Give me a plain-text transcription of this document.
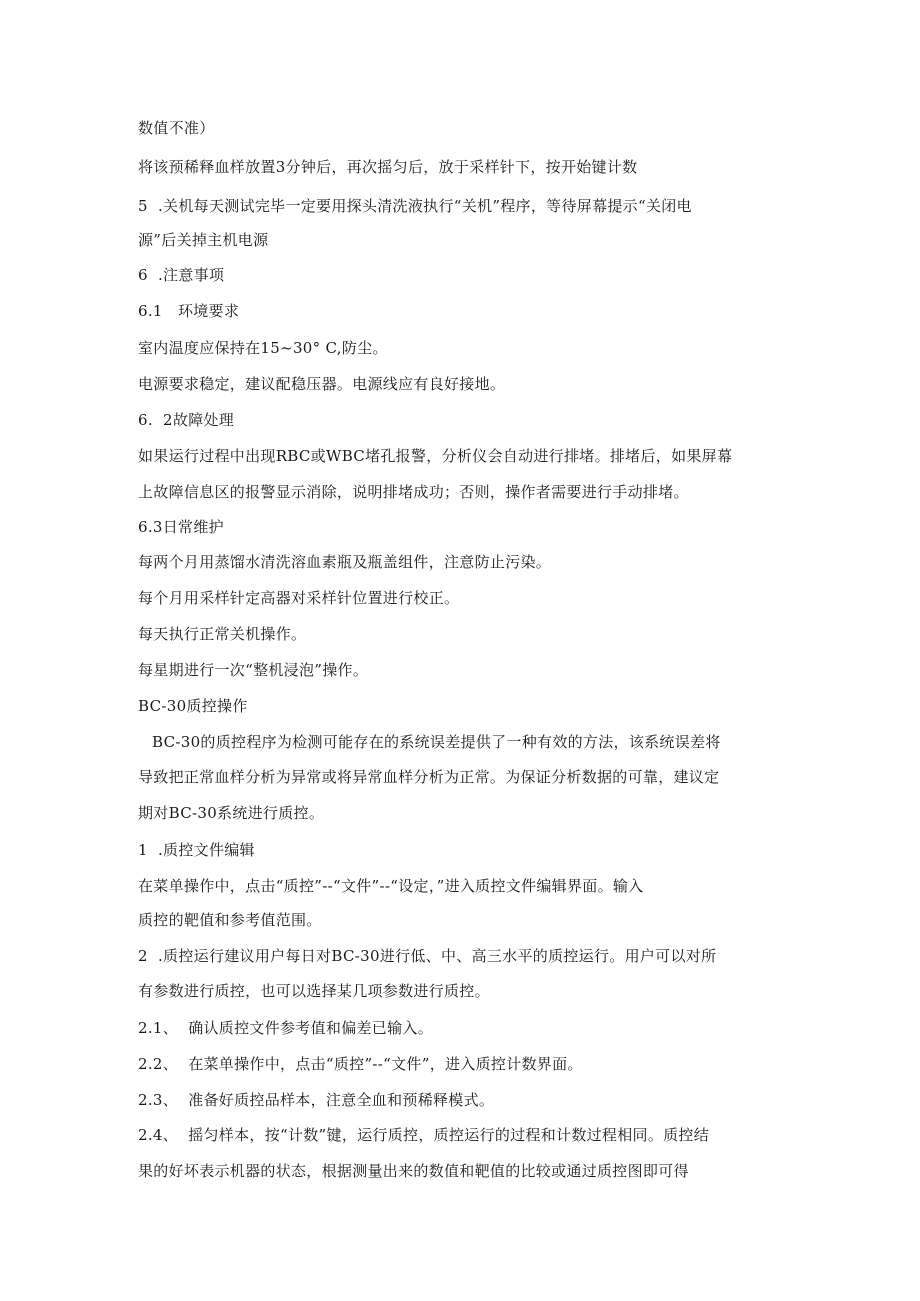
数值不准）
将该预稀释血样放置3分钟后，再次摇匀后，放于采样针下，按开始键计数
5  .关机每天测试完毕一定要用探头清洗液执行“关机”程序，等待屏幕提示“关闭电
源”后关掉主机电源
6  .注意事项
6.1   环境要求
室内温度应保持在15~30° C,防尘。
电源要求稳定，建议配稳压器。电源线应有良好接地。
6.  2故障处理
如果运行过程中出现RBC或WBC堵孔报警，分析仪会自动进行排堵。排堵后，如果屏幕
上故障信息区的报警显示消除，说明排堵成功；否则，操作者需要进行手动排堵。
6.3日常维护
每两个月用蒸馏水清洗溶血素瓶及瓶盖组件，注意防止污染。
每个月用采样针定高器对采样针位置进行校正。
每天执行正常关机操作。
每星期进行一次“整机浸泡”操作。
BC-30质控操作
BC-30的质控程序为检测可能存在的系统误差提供了一种有效的方法，该系统误差将
导致把正常血样分析为异常或将异常血样分析为正常。为保证分析数据的可靠，建议定
期对BC-30系统进行质控。
1  .质控文件编辑
在菜单操作中，点击“质控”--“文件”--“设定，”进入质控文件编辑界面。输入
质控的靶值和参考值范围。
2  .质控运行建议用户每日对BC-30进行低、中、高三水平的质控运行。用户可以对所
有参数进行质控，也可以选择某几项参数进行质控。
2.1、  确认质控文件参考值和偏差已输入。
2.2、  在菜单操作中，点击“质控”--“文件”，进入质控计数界面。
2.3、  准备好质控品样本，注意全血和预稀释模式。
2.4、  摇匀样本，按“计数”键，运行质控，质控运行的过程和计数过程相同。质控结
果的好坏表示机器的状态，根据测量出来的数值和靶值的比较或通过质控图即可得
